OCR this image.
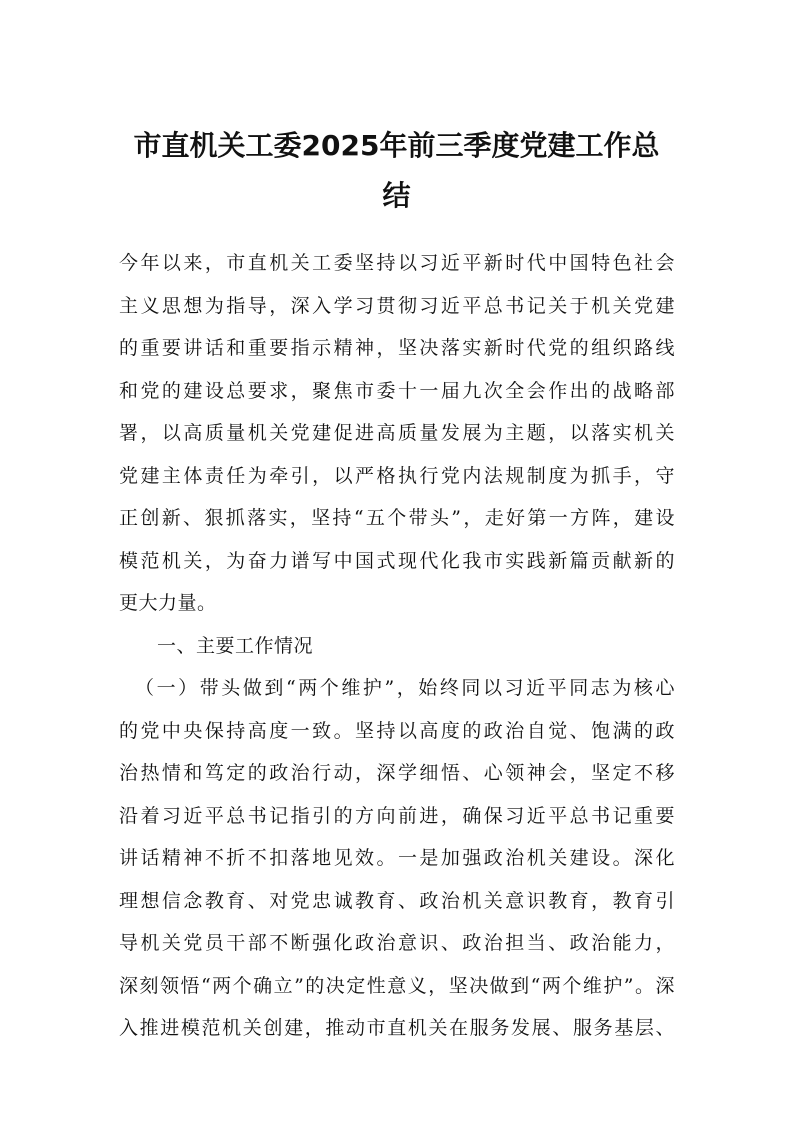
市直机关工委2025年前三季度党建工作总
结
今年以来，市直机关工委坚持以习近平新时代中国特色社会
主义思想为指导，深入学习贯彻习近平总书记关于机关党建
的重要讲话和重要指示精神，坚决落实新时代党的组织路线
和党的建设总要求，聚焦市委十一届九次全会作出的战略部
署，以高质量机关党建促进高质量发展为主题，以落实机关
党建主体责任为牵引，以严格执行党内法规制度为抓手，守
正创新、狠抓落实，坚持“五个带头”，走好第一方阵，建设
模范机关，为奋力谱写中国式现代化我市实践新篇贡献新的
更大力量。
一、主要工作情况
（一）带头做到“两个维护”，始终同以习近平同志为核心
的党中央保持高度一致。坚持以高度的政治自觉、饱满的政
治热情和笃定的政治行动，深学细悟、心领神会，坚定不移
沿着习近平总书记指引的方向前进，确保习近平总书记重要
讲话精神不折不扣落地见效。一是加强政治机关建设。深化
理想信念教育、对党忠诚教育、政治机关意识教育，教育引
导机关党员干部不断强化政治意识、政治担当、政治能力，
深刻领悟“两个确立”的决定性意义，坚决做到“两个维护”。深
入推进模范机关创建，推动市直机关在服务发展、服务基层、
